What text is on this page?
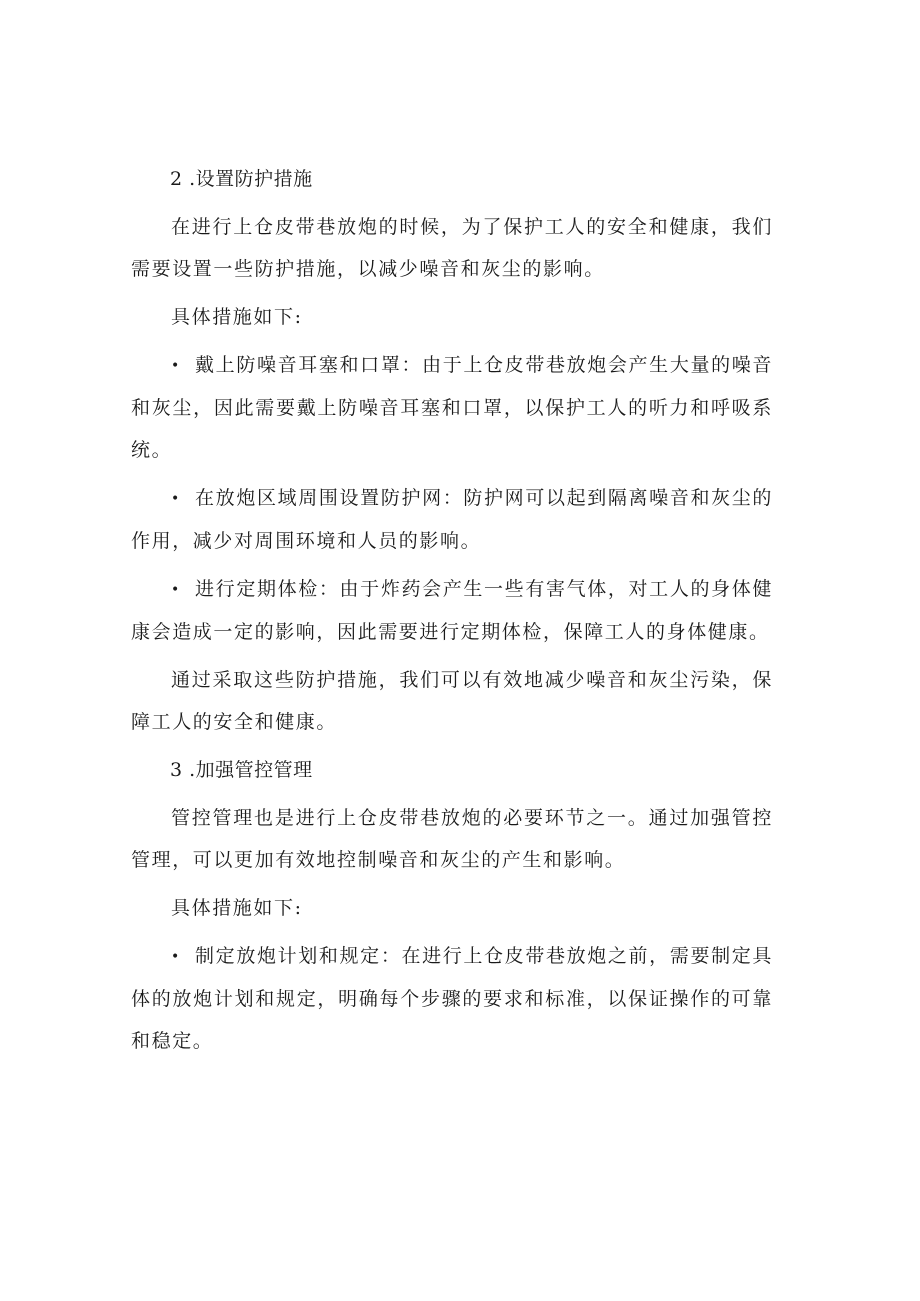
2 .设置防护措施

在进行上仓皮带巷放炮的时候，为了保护工人的安全和健康，我们需要设置一些防护措施，以减少噪音和灰尘的影响。

具体措施如下:

• 戴上防噪音耳塞和口罩：由于上仓皮带巷放炮会产生大量的噪音和灰尘，因此需要戴上防噪音耳塞和口罩，以保护工人的听力和呼吸系统。

• 在放炮区域周围设置防护网：防护网可以起到隔离噪音和灰尘的作用，减少对周围环境和人员的影响。

• 进行定期体检：由于炸药会产生一些有害气体，对工人的身体健康会造成一定的影响，因此需要进行定期体检，保障工人的身体健康。

通过采取这些防护措施，我们可以有效地减少噪音和灰尘污染，保障工人的安全和健康。

3 .加强管控管理

管控管理也是进行上仓皮带巷放炮的必要环节之一。通过加强管控管理，可以更加有效地控制噪音和灰尘的产生和影响。

具体措施如下:

• 制定放炮计划和规定：在进行上仓皮带巷放炮之前，需要制定具体的放炮计划和规定，明确每个步骤的要求和标准，以保证操作的可靠和稳定。
